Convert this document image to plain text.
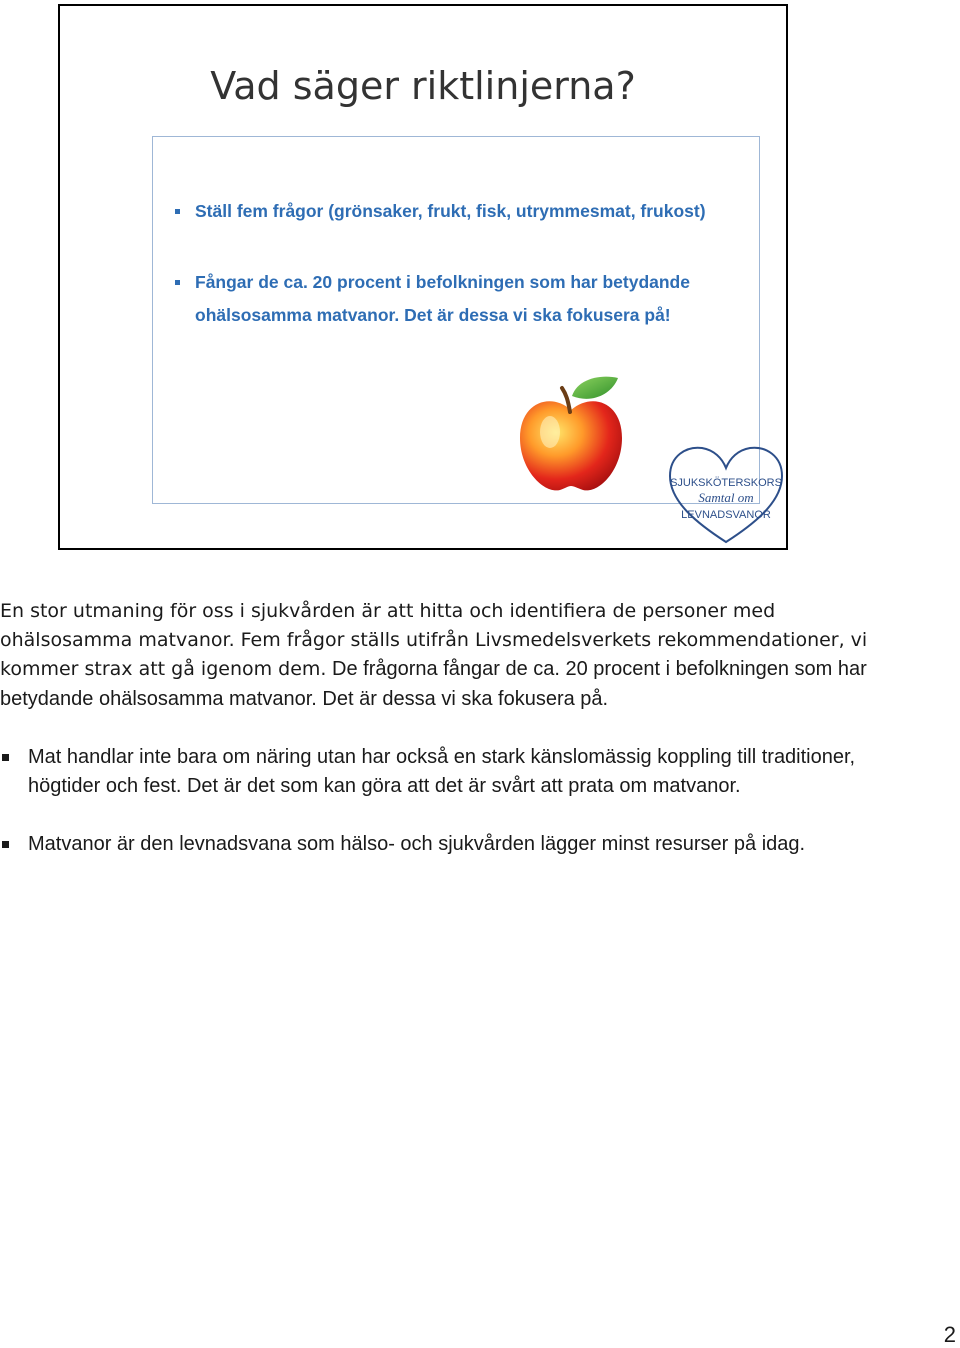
Vad säger riktlinjerna?
Ställ fem frågor (grönsaker, frukt, fisk, utrymmesmat, frukost)
Fångar de ca. 20 procent i befolkningen som har betydande ohälsosamma matvanor. Det är dessa vi ska fokusera på!
SJUKSKÖTERSKORS
Samtal om
LEVNADSVANOR

En stor utmaning för oss i sjukvården är att hitta och identifiera de personer med ohälsosamma matvanor. Fem frågor ställs utifrån Livsmedelsverkets rekommendationer, vi kommer strax att gå igenom dem. De frågorna fångar de ca. 20 procent i befolkningen som har betydande ohälsosamma matvanor. Det är dessa vi ska fokusera på.

Mat handlar inte bara om näring utan har också en stark känslomässig koppling till traditioner, högtider och fest. Det är det som kan göra att det är svårt att prata om matvanor.
Matvanor är den levnadsvana som hälso- och sjukvården lägger minst resurser på idag.
2
